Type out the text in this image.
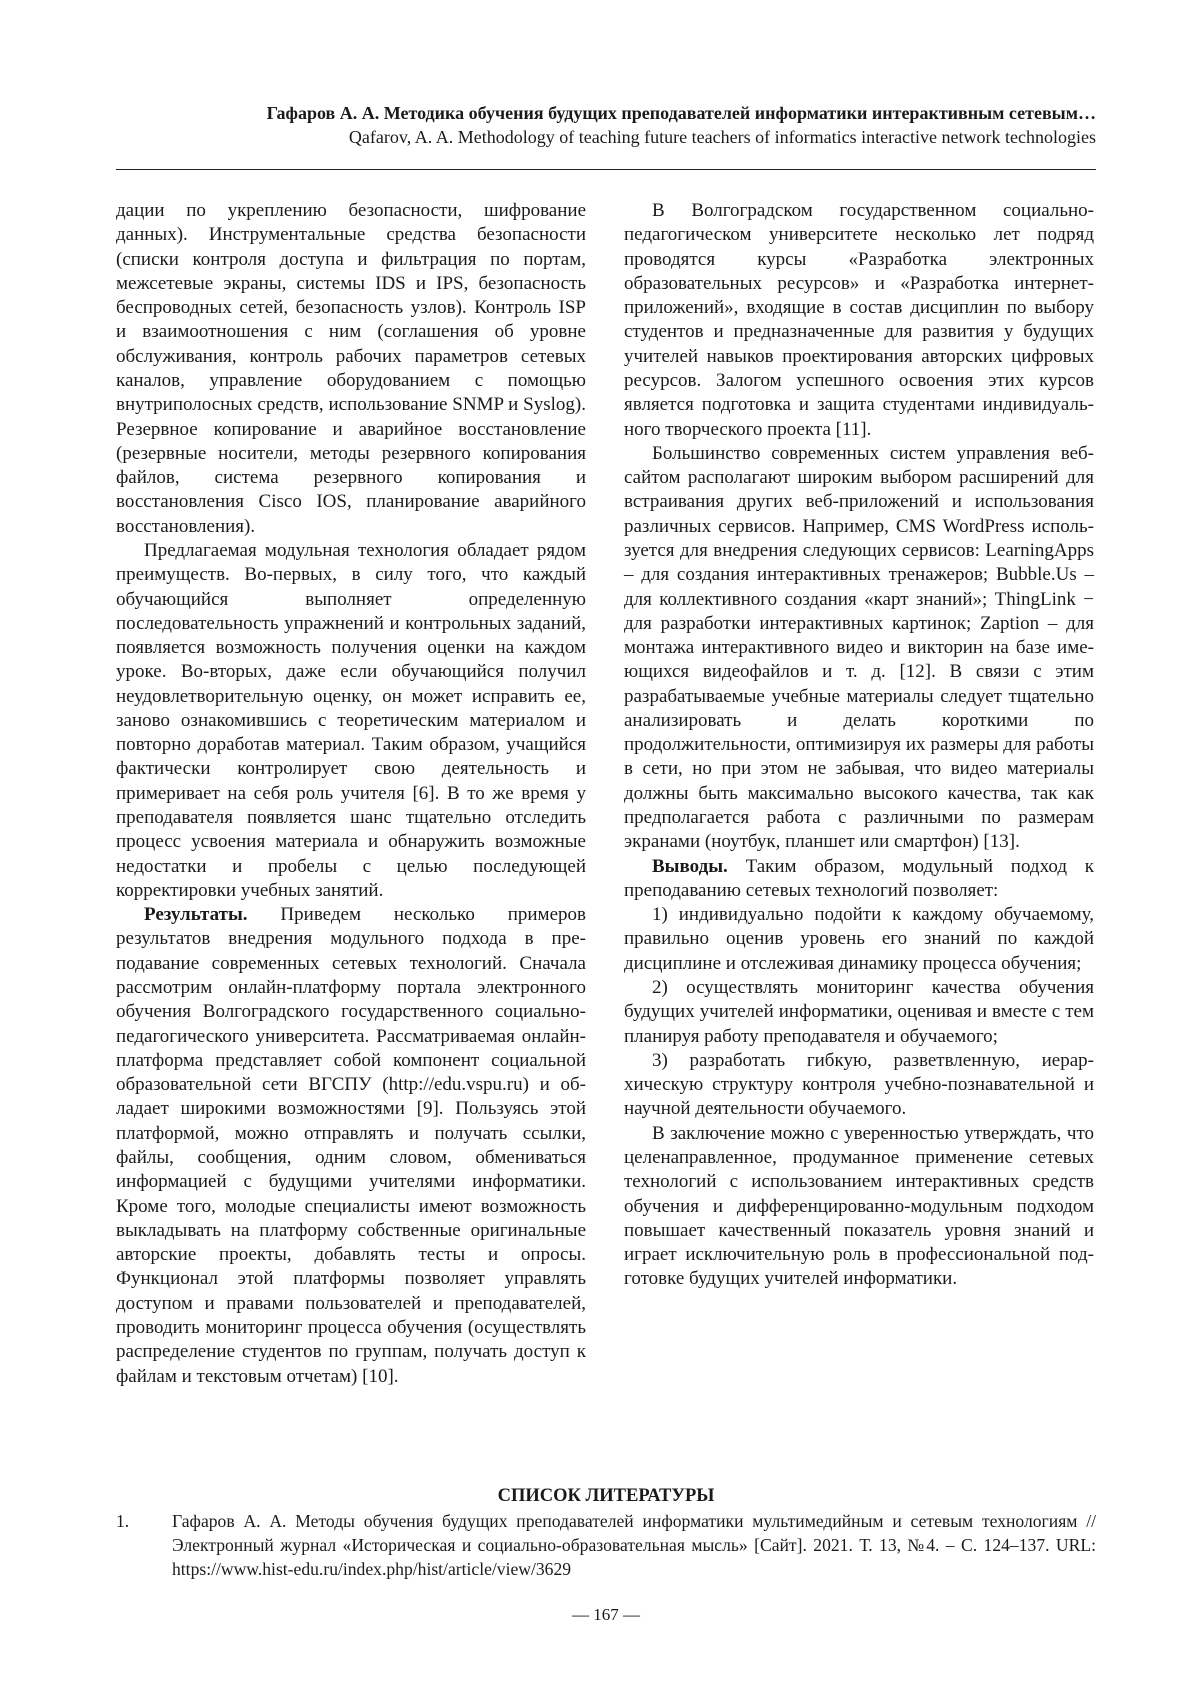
Гафаров А. А. Методика обучения будущих преподавателей информатики интерактивным сетевым…
Qafarov, A. A. Methodology of teaching future teachers of informatics interactive network technologies

дации по укреплению безопасности, шифрование данных). Инструментальные средства безопасности (списки контроля доступа и фильтрация по портам, межсетевые экраны, системы IDS и IPS, безопасность беспроводных сетей, безопасность узлов). Контроль ISP и взаимоотношения с ним (соглашения об уровне обслуживания, контроль рабочих параметров сетевых каналов, управление оборудованием с помощью внутриполосных средств, использование SNMP и Syslog). Резервное копирование и аварийное восстановление (резервные носители, методы резервного копирования файлов, система резервного копирования и восстановления Cisco IOS, планирование аварийного восстановления).

Предлагаемая модульная технология обладает рядом преимуществ. Во-первых, в силу того, что каждый обучающийся выполняет определенную последовательность упражнений и контрольных заданий, появляется возможность получения оценки на каждом уроке. Во-вторых, даже если обучающийся получил неудовлетворительную оценку, он может исправить ее, заново ознакомившись с теоретическим материалом и повторно доработав материал. Таким образом, учащийся фактически контролирует свою деятельность и примеривает на себя роль учителя [6]. В то же время у преподавателя появляется шанс тщательно отследить процесс усвоения материала и обнаружить возможные недостатки и пробелы с целью последующей корректировки учебных занятий.

Результаты. Приведем несколько примеров результатов внедрения модульного подхода в преподавание современных сетевых технологий. Сначала рассмотрим онлайн-платформу портала электронного обучения Волгоградского государственного социально-педагогического университета. Рассматриваемая онлайн-платформа представляет собой компонент социальной образовательной сети ВГСПУ (http://edu.vspu.ru) и обладает широкими возможностями [9]. Пользуясь этой платформой, можно отправлять и получать ссылки, файлы, сообщения, одним словом, обмениваться информацией с будущими учителями информатики. Кроме того, молодые специалисты имеют возможность выкладывать на платформу собственные оригинальные авторские проекты, добавлять тесты и опросы. Функционал этой платформы позволяет управлять доступом и правами пользователей и преподавателей, проводить мониторинг процесса обучения (осуществлять распределение студентов по группам, получать доступ к файлам и текстовым отчетам) [10].

В Волгоградском государственном социально-педагогическом университете несколько лет подряд проводятся курсы «Разработка электронных образовательных ресурсов» и «Разработка интернет-приложений», входящие в состав дисциплин по выбору студентов и предназначенные для развития у будущих учителей навыков проектирования авторских цифровых ресурсов. Залогом успешного освоения этих курсов является подготовка и защита студентами индивидуального творческого проекта [11].

Большинство современных систем управления веб-сайтом располагают широким выбором расширений для встраивания других веб-приложений и использования различных сервисов. Например, CMS WordPress используется для внедрения следующих сервисов: LearningApps – для создания интерактивных тренажеров; Bubble.Us – для коллективного создания «карт знаний»; ThingLink − для разработки интерактивных картинок; Zaption – для монтажа интерактивного видео и викторин на базе имеющихся видеофайлов и т. д. [12]. В связи с этим разрабатываемые учебные материалы следует тщательно анализировать и делать короткими по продолжительности, оптимизируя их размеры для работы в сети, но при этом не забывая, что видео материалы должны быть максимально высокого качества, так как предполагается работа с различными по размерам экранами (ноутбук, планшет или смартфон) [13].

Выводы. Таким образом, модульный подход к преподаванию сетевых технологий позволяет:

1) индивидуально подойти к каждому обучаемому, правильно оценив уровень его знаний по каждой дисциплине и отслеживая динамику процесса обучения;

2) осуществлять мониторинг качества обучения будущих учителей информатики, оценивая и вместе с тем планируя работу преподавателя и обучаемого;

3) разработать гибкую, разветвленную, иерархическую структуру контроля учебно-познавательной и научной деятельности обучаемого.

В заключение можно с уверенностью утверждать, что целенаправленное, продуманное применение сетевых технологий с использованием интерактивных средств обучения и дифференцированно-модульным подходом повышает качественный показатель уровня знаний и играет исключительную роль в профессиональной подготовке будущих учителей информатики.

СПИСОК ЛИТЕРАТУРЫ
1. Гафаров А. А. Методы обучения будущих преподавателей информатики мультимедийным и сетевым технологиям // Электронный журнал «Историческая и социально-образовательная мысль» [Сайт]. 2021. Т. 13, №4. – С. 124–137. URL: https://www.hist-edu.ru/index.php/hist/article/view/3629
— 167 —
